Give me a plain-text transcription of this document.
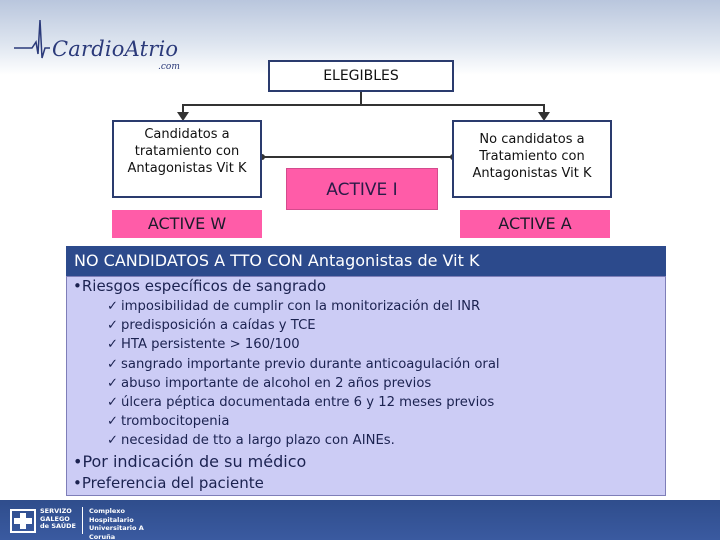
CardioAtrio
.com
ELEGIBLES
Candidatos a
tratamiento con
Antagonistas Vit K
No candidatos a
Tratamiento con
Antagonistas Vit K
ACTIVE I
ACTIVE W	ACTIVE A
NO CANDIDATOS A TTO CON Antagonistas de Vit K
•Riesgos específicos de sangrado
✓ imposibilidad de cumplir con la monitorización del INR
✓ predisposición a caídas y TCE
✓ HTA persistente > 160/100
✓ sangrado importante previo durante anticoagulación oral
✓ abuso importante de alcohol en 2 años previos
✓ úlcera péptica documentada entre 6 y 12 meses previos
✓ trombocitopenia
✓ necesidad de tto a largo plazo con AINEs.
•Por indicación de su médico
•Preferencia del paciente
SERVIZO
GALEGO
de SAÚDE
Complexo Hospitalario
Universitario A Coruña
A Coruña
